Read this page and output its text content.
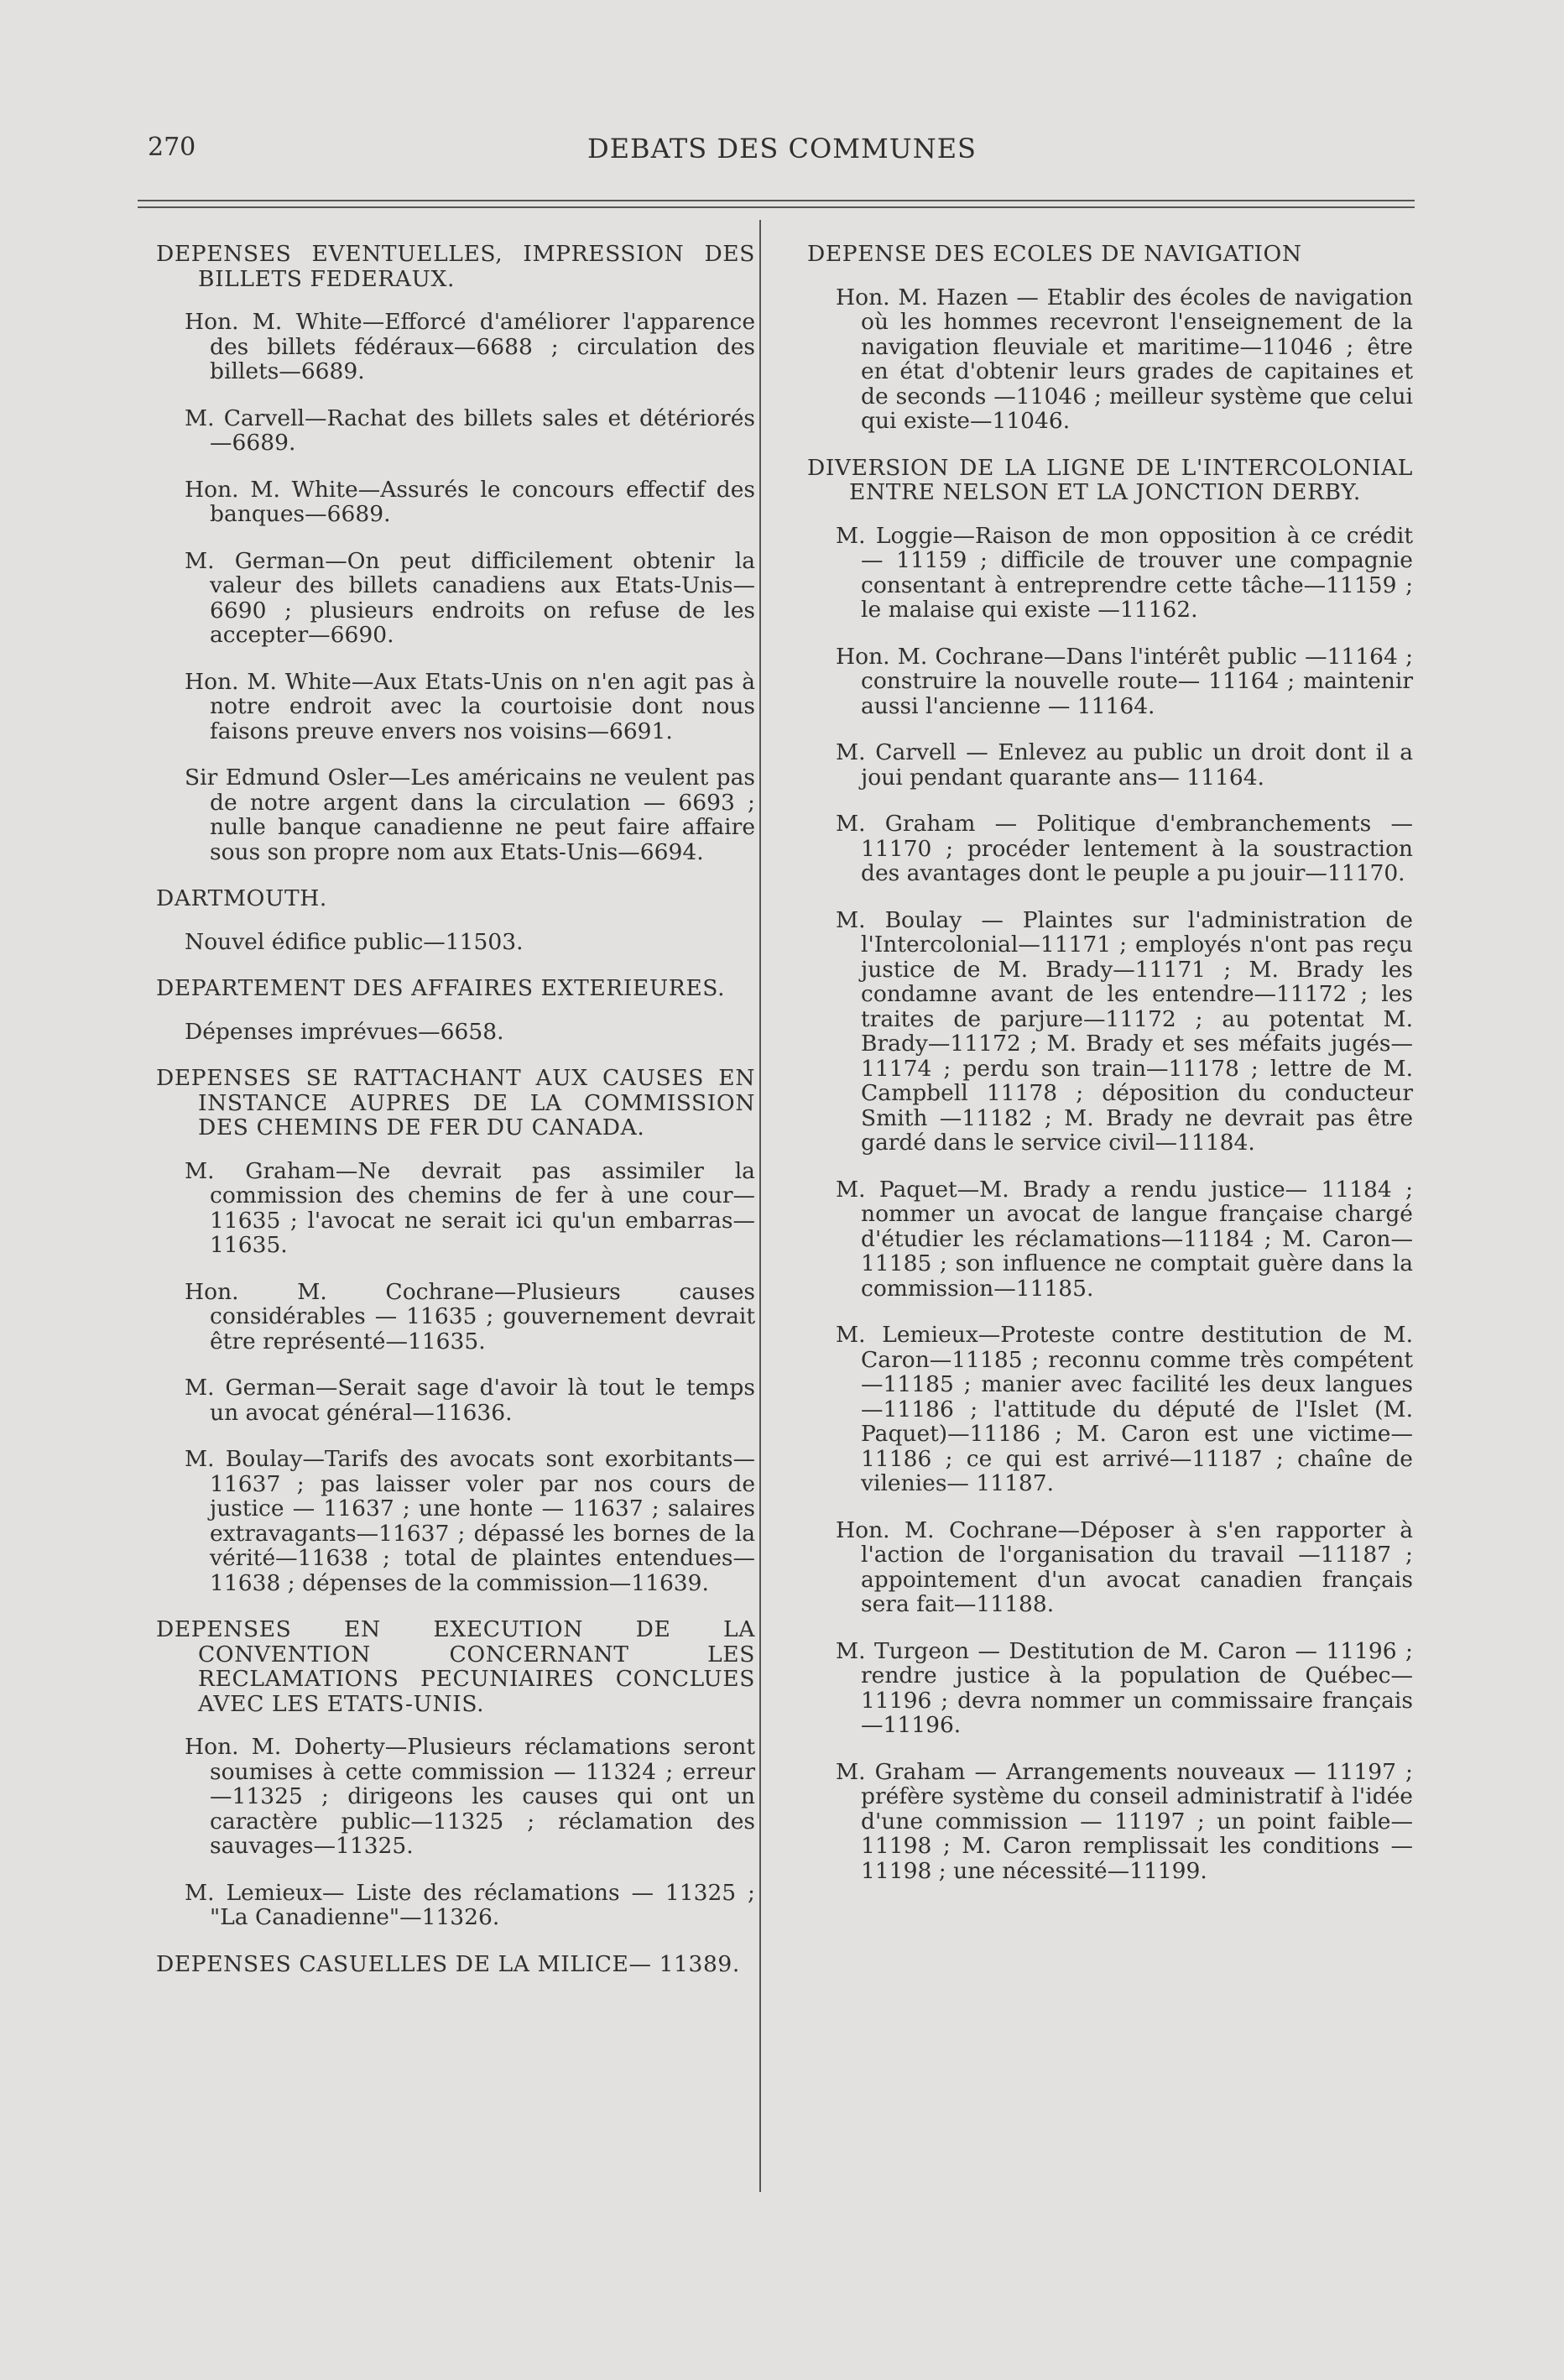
270	DEBATS DES COMMUNES
DEPENSES EVENTUELLES, IMPRESSION DES BILLETS FEDERAUX.
Hon. M. White—Efforcé d'améliorer l'apparence des billets fédéraux—6688 ; circulation des billets—6689.
M. Carvell—Rachat des billets sales et détériorés—6689.
Hon. M. White—Assurés le concours effectif des banques—6689.
M. German—On peut difficilement obtenir la valeur des billets canadiens aux Etats-Unis—6690 ; plusieurs endroits on refuse de les accepter—6690.
Hon. M. White—Aux Etats-Unis on n'en agit pas à notre endroit avec la courtoisie dont nous faisons preuve envers nos voisins—6691.
Sir Edmund Osler—Les américains ne veulent pas de notre argent dans la circulation — 6693 ; nulle banque canadienne ne peut faire affaire sous son propre nom aux Etats-Unis—6694.
DARTMOUTH.
Nouvel édifice public—11503.
DEPARTEMENT DES AFFAIRES EXTERIEURES.
Dépenses imprévues—6658.
DEPENSES SE RATTACHANT AUX CAUSES EN INSTANCE AUPRES DE LA COMMISSION DES CHEMINS DE FER DU CANADA.
M. Graham—Ne devrait pas assimiler la commission des chemins de fer à une cour—11635 ; l'avocat ne serait ici qu'un embarras—11635.
Hon. M. Cochrane—Plusieurs causes considérables — 11635 ; gouvernement devrait être représenté—11635.
M. German—Serait sage d'avoir là tout le temps un avocat général—11636.
M. Boulay—Tarifs des avocats sont exorbitants—11637 ; pas laisser voler par nos cours de justice — 11637 ; une honte — 11637 ; salaires extravagants—11637 ; dépassé les bornes de la vérité—11638 ; total de plaintes entendues—11638 ; dépenses de la commission—11639.
DEPENSES EN EXECUTION DE LA CONVENTION CONCERNANT LES RECLAMATIONS PECUNIAIRES CONCLUES AVEC LES ETATS-UNIS.
Hon. M. Doherty—Plusieurs réclamations seront soumises à cette commission — 11324 ; erreur—11325 ; dirigeons les causes qui ont un caractère public—11325 ; réclamation des sauvages—11325.
M. Lemieux— Liste des réclamations — 11325 ; "La Canadienne"—11326.
DEPENSES CASUELLES DE LA MILICE— 11389.
DEPENSE DES ECOLES DE NAVIGATION
Hon. M. Hazen — Etablir des écoles de navigation où les hommes recevront l'enseignement de la navigation fleuviale et maritime—11046 ; être en état d'obtenir leurs grades de capitaines et de seconds —11046 ; meilleur système que celui qui existe—11046.
DIVERSION DE LA LIGNE DE L'INTERCOLONIAL ENTRE NELSON ET LA JONCTION DERBY.
M. Loggie—Raison de mon opposition à ce crédit — 11159 ; difficile de trouver une compagnie consentant à entreprendre cette tâche—11159 ; le malaise qui existe —11162.
Hon. M. Cochrane—Dans l'intérêt public —11164 ; construire la nouvelle route— 11164 ; maintenir aussi l'ancienne — 11164.
M. Carvell — Enlevez au public un droit dont il a joui pendant quarante ans— 11164.
M. Graham — Politique d'embranchements —11170 ; procéder lentement à la soustraction des avantages dont le peuple a pu jouir—11170.
M. Boulay — Plaintes sur l'administration de l'Intercolonial—11171 ; employés n'ont pas reçu justice de M. Brady—11171 ; M. Brady les condamne avant de les entendre—11172 ; les traites de parjure—11172 ; au potentat M. Brady—11172 ; M. Brady et ses méfaits jugés—11174 ; perdu son train—11178 ; lettre de M. Campbell 11178 ; déposition du conducteur Smith —11182 ; M. Brady ne devrait pas être gardé dans le service civil—11184.
M. Paquet—M. Brady a rendu justice— 11184 ; nommer un avocat de langue française chargé d'étudier les réclamations—11184 ; M. Caron—11185 ; son influence ne comptait guère dans la commission—11185.
M. Lemieux—Proteste contre destitution de M. Caron—11185 ; reconnu comme très compétent—11185 ; manier avec facilité les deux langues—11186 ; l'attitude du député de l'Islet (M. Paquet)—11186 ; M. Caron est une victime—11186 ; ce qui est arrivé—11187 ; chaîne de vilenies— 11187.
Hon. M. Cochrane—Déposer à s'en rapporter à l'action de l'organisation du travail —11187 ; appointement d'un avocat canadien français sera fait—11188.
M. Turgeon — Destitution de M. Caron — 11196 ; rendre justice à la population de Québec—11196 ; devra nommer un commissaire français—11196.
M. Graham — Arrangements nouveaux — 11197 ; préfère système du conseil administratif à l'idée d'une commission — 11197 ; un point faible—11198 ; M. Caron remplissait les conditions — 11198 ; une nécessité—11199.
